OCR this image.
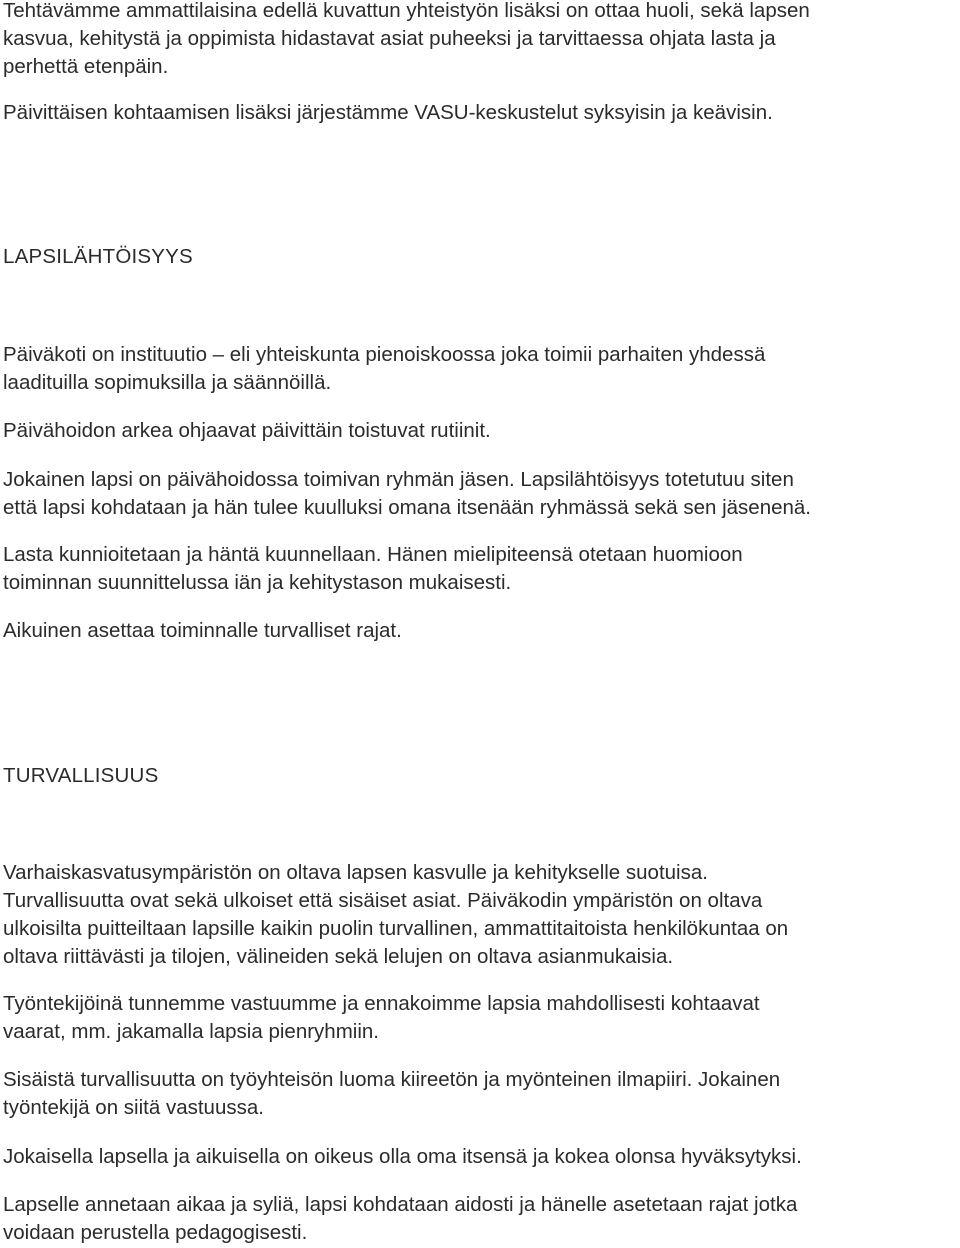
Tehtävämme ammattilaisina edellä kuvattun yhteistyön lisäksi on ottaa huoli, sekä lapsen
kasvua, kehitystä ja oppimista hidastavat asiat puheeksi ja tarvittaessa ohjata lasta ja
perhettä etenpäin.

Päivittäisen kohtaamisen lisäksi järjestämme VASU-keskustelut syksyisin ja keävisin.

LAPSILÄHTÖISYYS

Päiväkoti on instituutio – eli yhteiskunta pienoiskoossa joka toimii parhaiten yhdessä
laadituilla sopimuksilla ja säännöillä.

Päivähoidon arkea ohjaavat päivittäin toistuvat rutiinit.

Jokainen lapsi on päivähoidossa toimivan ryhmän jäsen. Lapsilähtöisyys totetutuu siten
että lapsi kohdataan ja hän tulee kuulluksi omana itsenään ryhmässä sekä sen jäsenenä.

Lasta kunnioitetaan ja häntä kuunnellaan. Hänen mielipiteensä otetaan huomioon
toiminnan suunnittelussa iän ja kehitystason mukaisesti.

Aikuinen asettaa toiminnalle turvalliset rajat.

TURVALLISUUS

Varhaiskasvatusympäristön on oltava lapsen kasvulle ja kehitykselle suotuisa.
Turvallisuutta ovat sekä ulkoiset että sisäiset asiat. Päiväkodin ympäristön on oltava
ulkoisilta puitteiltaan lapsille kaikin puolin turvallinen, ammattitaitoista henkilökuntaa on
oltava riittävästi ja tilojen, välineiden sekä lelujen on oltava asianmukaisia.

Työntekijöinä tunnemme vastuumme ja ennakoimme lapsia mahdollisesti kohtaavat
vaarat, mm. jakamalla lapsia pienryhmiin.

Sisäistä turvallisuutta on työyhteisön luoma kiireetön ja myönteinen ilmapiiri. Jokainen
työntekijä on siitä vastuussa.

Jokaisella lapsella ja aikuisella on oikeus olla oma itsensä ja kokea olonsa hyväksytyksi.

Lapselle annetaan aikaa ja syliä, lapsi kohdataan aidosti ja hänelle asetetaan rajat jotka
voidaan perustella pedagogisesti.
